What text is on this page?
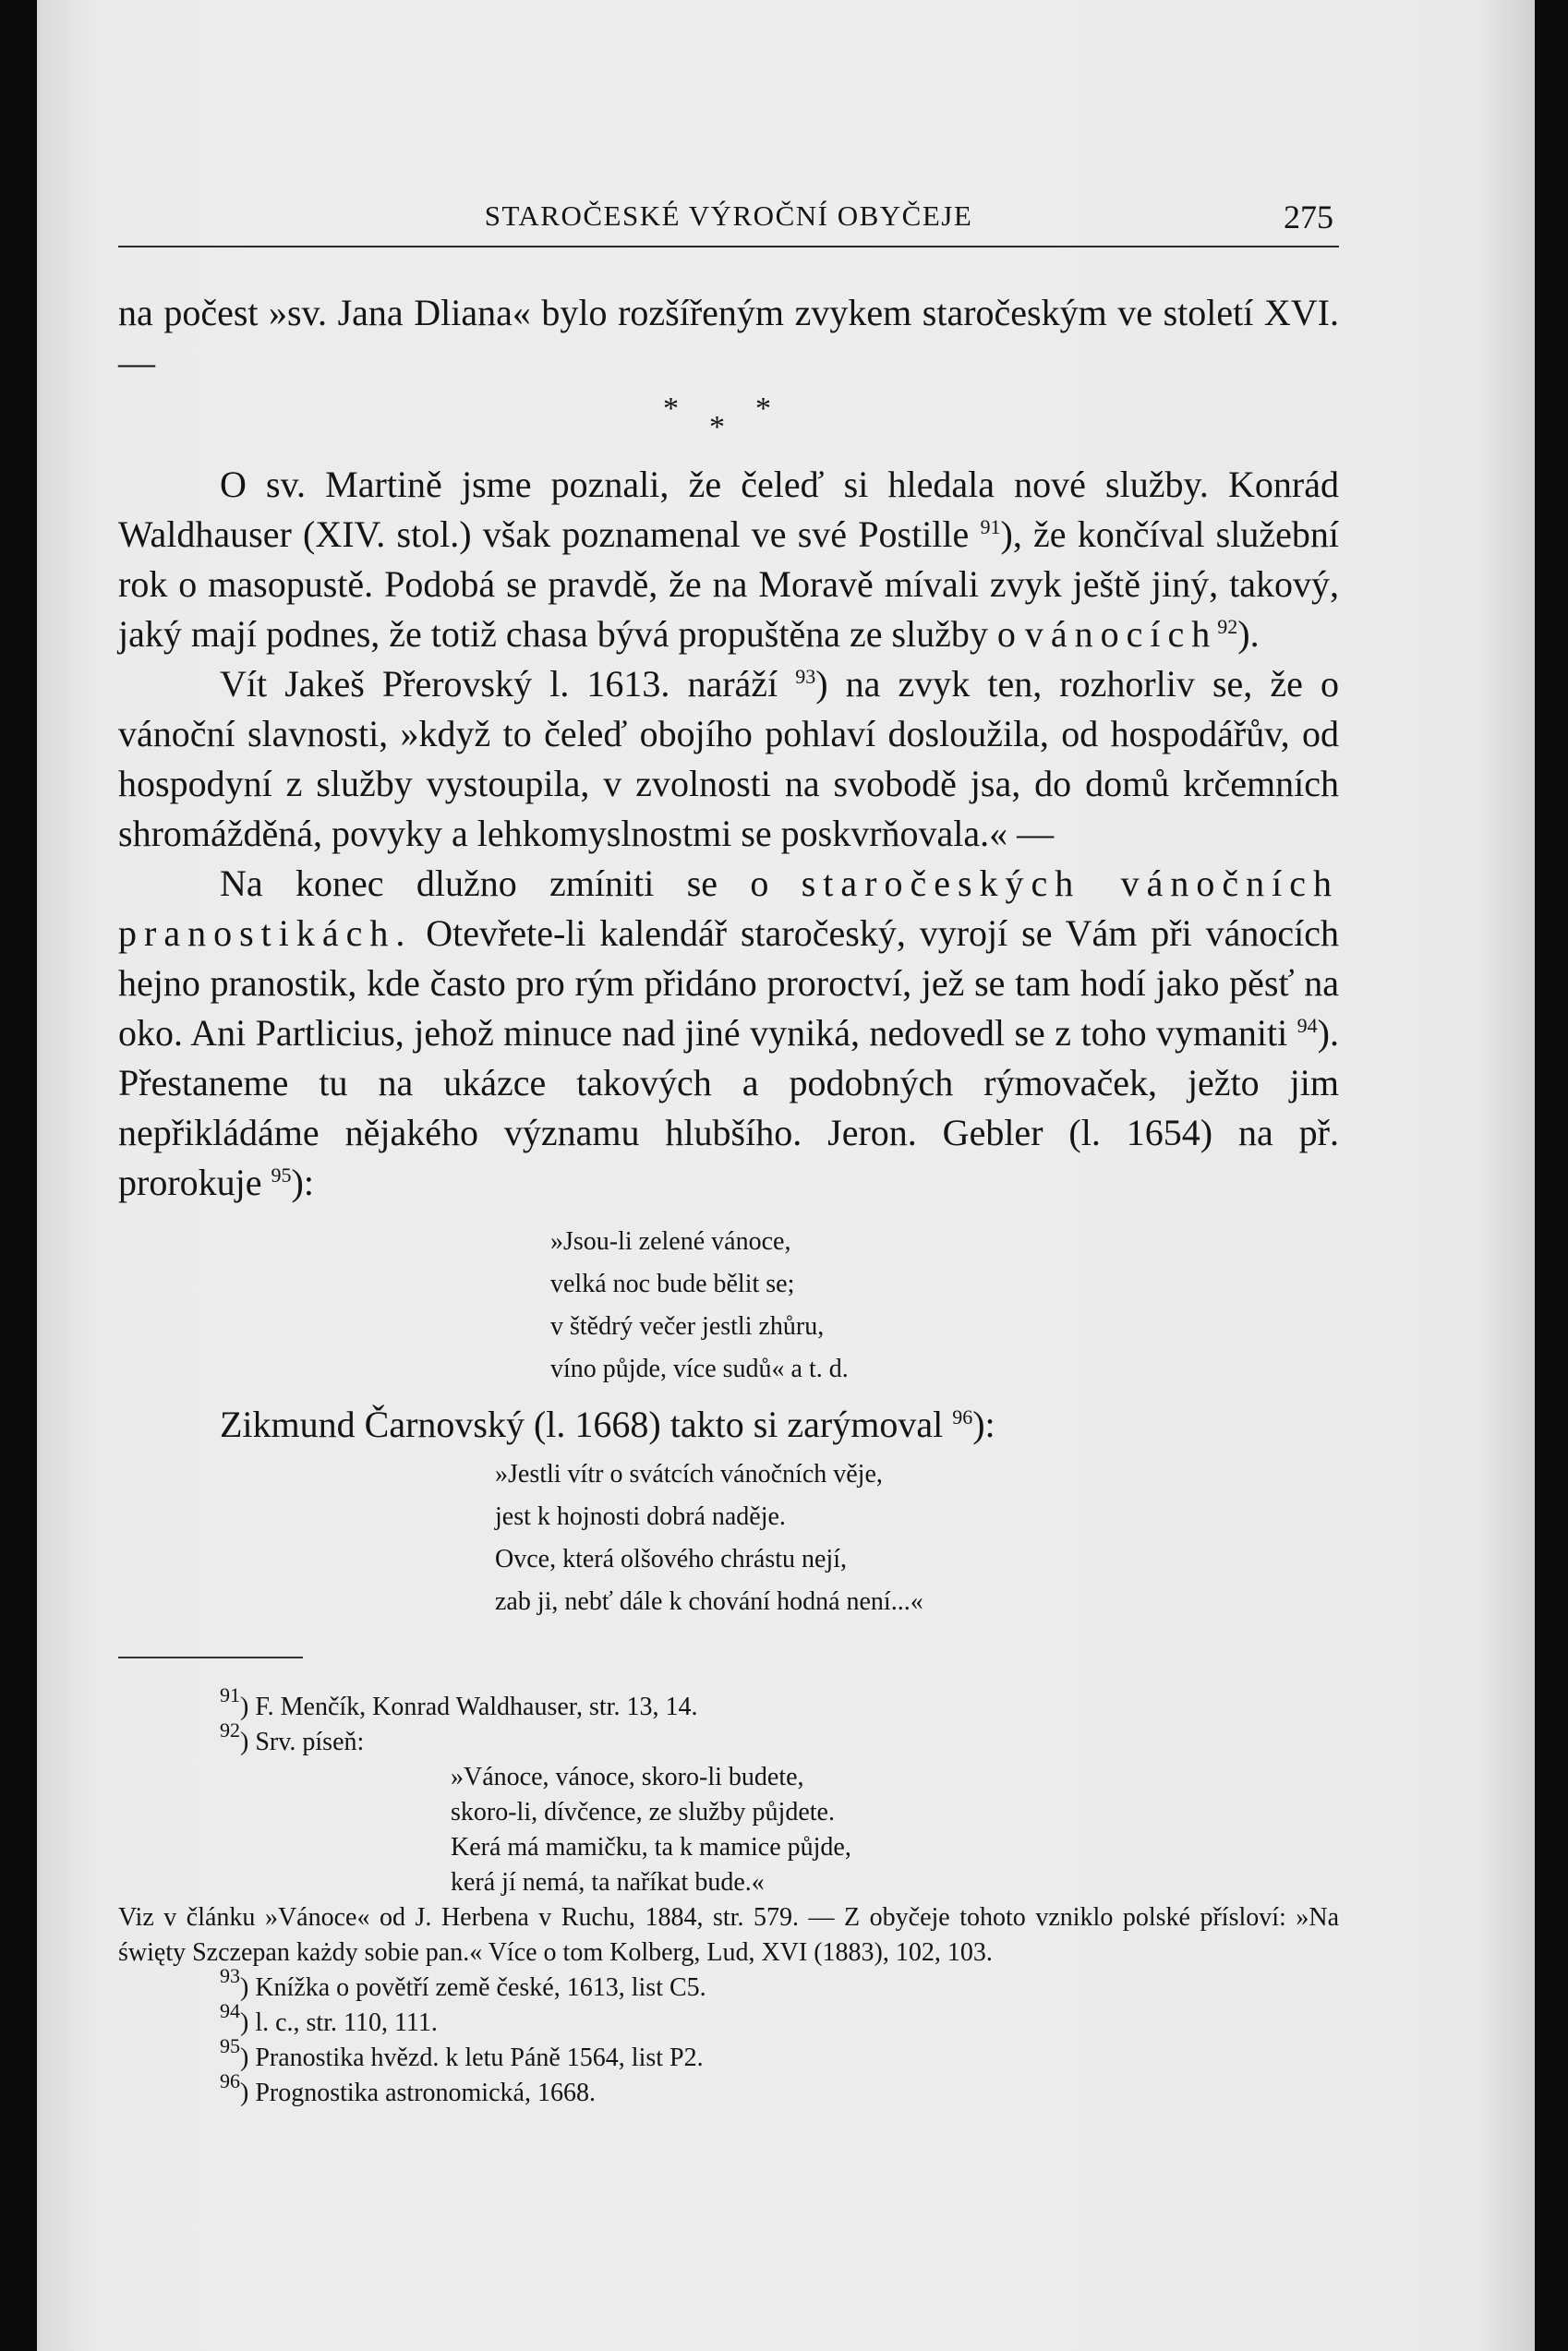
STAROČESKÉ VÝROČNÍ OBYČEJE	275

na počest »sv. Jana Dliana« bylo rozšířeným zvykem staročeským ve století XVI. —

*
*
*

O sv. Martině jsme poznali, že čeleď si hledala nové služby. Konrád Waldhauser (XIV. stol.) však poznamenal ve své Postille $^{91}$), že končíval služební rok o masopustě. Podobá se pravdě, že na Moravě mívali zvyk ještě jiný, takový, jaký mají podnes, že totiž chasa bývá propuštěna ze služby o vánocích$^{92}$).

Vít Jakeš Přerovský l. 1613. naráží $^{93}$) na zvyk ten, rozhorliv se, že o vánoční slavnosti, »když to čeleď obojího pohlaví dosloužila, od hospodářův, od hospodyní z služby vystoupila, v zvolnosti na svobodě jsa, do domů krčemních shromážděná, povyky a lehkomyslnostmi se poskvrňovala.« —

Na konec dlužno zmíniti se o staročeských vánočních pranostikách. Otevřete-li kalendář staročeský, vyrojí se Vám při vánocích hejno pranostik, kde často pro rým přidáno proroctví, jež se tam hodí jako pěsť na oko. Ani Partlicius, jehož minuce nad jiné vyniká, nedovedl se z toho vymaniti $^{94}$). Přestaneme tu na ukázce takových a podobných rýmovaček, ježto jim nepřikládáme nějakého významu hlubšího. Jeron. Gebler (l. 1654) na př. prorokuje $^{95}$):

»Jsou-li zelené vánoce,
velká noc bude bělit se;
v štědrý večer jestli zhůru,
víno půjde, více sudů« a t. d.

Zikmund Čarnovský (l. 1668) takto si zarýmoval $^{96}$):

»Jestli vítr o svátcích vánočních věje,
jest k hojnosti dobrá naděje.
Ovce, která olšového chrástu nejí,
zab ji, nebť dále k chování hodná není...«

$^{91}$) F. Menčík, Konrad Waldhauser, str. 13, 14.

$^{92}$) Srv. píseň:

»Vánoce, vánoce, skoro-li budete,
skoro-li, dívčence, ze služby půjdete.
Kerá má mamičku, ta k mamice půjde,
kerá jí nemá, ta naříkat bude.«

Viz v článku »Vánoce« od J. Herbena v Ruchu, 1884, str. 579. — Z obyčeje tohoto vzniklo polské přísloví: »Na święty Szczepan każdy sobie pan.« Více o tom Kolberg, Lud, XVI (1883), 102, 103.

$^{93}$) Knížka o povětří země české, 1613, list C5.

$^{94}$) l. c., str. 110, 111.

$^{95}$) Pranostika hvězd. k letu Páně 1564, list P2.

$^{96}$) Prognostika astronomická, 1668.
